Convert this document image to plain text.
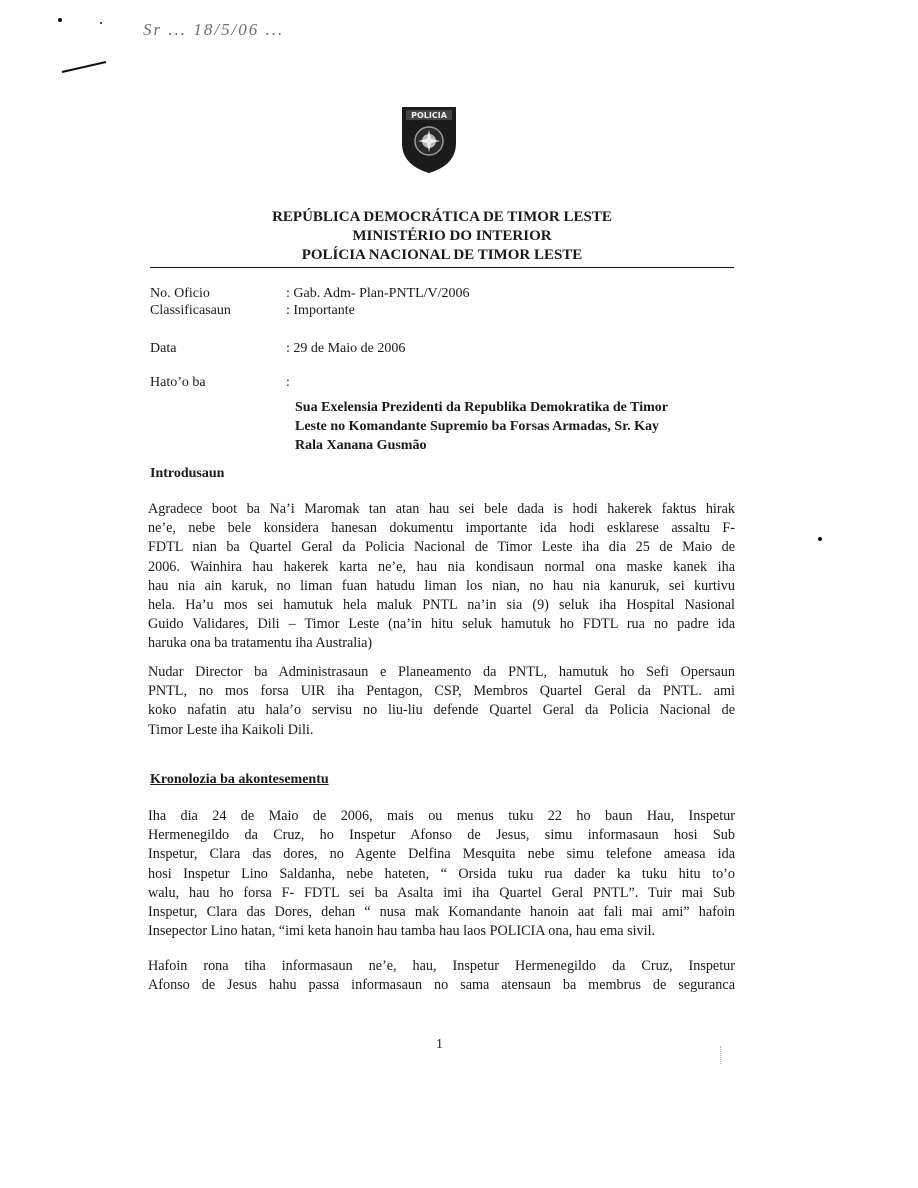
Sr ... 18/5/06 ...
POLICIA
REPÚBLICA DEMOCRÁTICA DE TIMOR LESTE
MINISTÉRIO DO INTERIOR
POLÍCIA NACIONAL DE TIMOR LESTE
No. Oficio	: Gab. Adm- Plan-PNTL/V/2006
Classificasaun	: Importante
Data	: 29 de Maio de 2006
Hato’o ba	:
Sua Exelensia Prezidenti da Republika Demokratika de Timor
Leste no Komandante Supremio ba Forsas Armadas, Sr. Kay
Rala Xanana Gusmão
Introdusaun
Agradece boot ba Na’i Maromak tan atan hau sei bele dada is hodi hakerek faktus hirak
ne’e, nebe bele konsidera hanesan dokumentu importante ida hodi esklarese assaltu F-
FDTL nian ba Quartel Geral da Policia Nacional de Timor Leste iha dia 25 de Maio de
2006. Wainhira hau hakerek karta ne’e, hau nia kondisaun normal ona maske kanek iha
hau nia ain karuk, no liman fuan hatudu liman los nian, no hau nia kanuruk, sei kurtivu
hela. Ha’u mos sei hamutuk hela maluk PNTL na’in sia (9) seluk iha Hospital Nasional
Guido Validares, Dili – Timor Leste (na’in hitu seluk hamutuk ho FDTL rua no padre ida
haruka ona ba tratamentu iha Australia)
Nudar Director ba Administrasaun e Planeamento da PNTL, hamutuk ho Sefi Opersaun
PNTL, no mos forsa UIR iha Pentagon, CSP, Membros Quartel Geral da PNTL. ami
koko nafatin atu hala’o servisu no liu-liu defende Quartel Geral da Policia Nacional de
Timor Leste iha Kaikoli Dili.
Kronolozia ba akontesementu
Iha dia 24 de Maio de 2006, mais ou menus tuku 22 ho baun Hau, Inspetur
Hermenegildo da Cruz, ho Inspetur Afonso de Jesus, simu informasaun hosi Sub
Inspetur, Clara das dores, no Agente Delfina Mesquita nebe simu telefone ameasa ida
hosi Inspetur Lino Saldanha, nebe hateten, “ Orsida tuku rua dader ka tuku hitu to’o
walu, hau ho forsa F- FDTL sei ba Asalta imi iha Quartel Geral PNTL”. Tuir mai Sub
Inspetur, Clara das Dores, dehan “ nusa mak Komandante hanoin aat fali mai ami” hafoin
Insepector Lino hatan, “imi keta hanoin hau tamba hau laos POLICIA ona, hau ema sivil.
Hafoin rona tiha informasaun ne’e, hau, Inspetur Hermenegildo da Cruz, Inspetur
Afonso de Jesus hahu passa informasaun no sama atensaun ba membrus de seguranca
1
